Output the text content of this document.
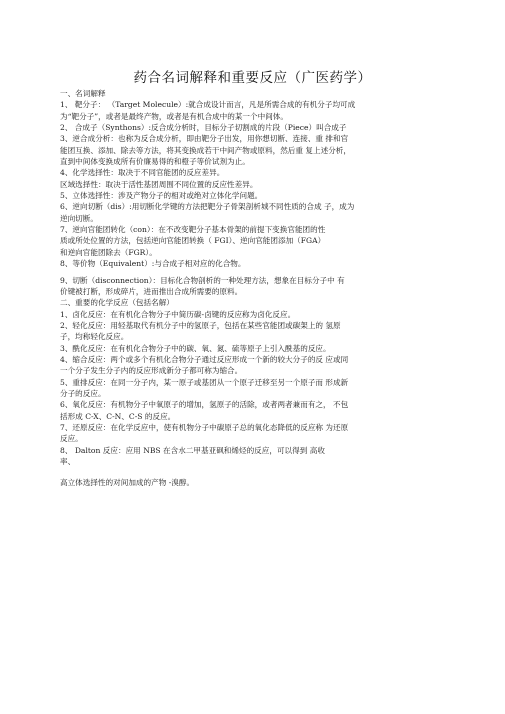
药合名词解释和重要反应（广医药学）

一、名词解释

1、 靶分子： （Target Molecule）:就合成设计而言，凡是所需合成的有机分子均可成

为“靶分子”，或者是最终产物，或者是有机合成中的某一个中间体。

2、 合成子（Synthons）:反合成分析时，目标分子切割成的片段（Piece）叫合成子

3、逆合成分析：也称为反合成分析，即由靶分子出发，用你想切断、连接、重 排和官

能团互换、添加、除去等方法，将其变换成若干中间产物或原料，然后重 复上述分析，

直到中间体变换成所有价廉易得的和橙子等价试剂为止。

4、化学选择性：取决于不同官能团的反应差异。

区域选择性：取决于活性基团周围不同位置的反应性差异。

5、立体选择性：涉及产物分子的相对或绝对立体化学问题。

6、逆向切断（dis）:用切断化学键的方法把靶分子骨架剖析城不同性质的合成 子，成为

逆向切断。

7、逆向官能团转化（con）：在不改变靶分子基本骨架的前提下变换官能团的性

质或所处位置的方法，包括逆向官能团转换（ FGI）、逆向官能团添加（FGA）

和逆向官能团除去（FGR）。

8、等价物（Equivalent）:与合成子相对应的化合物。

9、切断（disconnection）：目标化合物剖析的一种处理方法，想象在目标分子中 有

价键被打断，形成碎片，进而推出合成所需要的原料。

二、重要的化学反应（包括名解）

1、卤化反应：在有机化合物分子中简历碳-卤键的反应称为卤化反应。

2、轻化反应：用轻基取代有机分子中的氢原子，包括在某些官能团或碳架上的 氢原

子，均称轻化反应。

3、酰化反应：在有机化合物分子中的碳、氧、氮、硫等原子上引入酰基的反应。

4、缩合反应：两个或多个有机化合物分子通过反应形成一个新的较大分子的反 应或同

一个分子发生分子内的反应形成新分子都可称为缩合。

5、重排反应：在同一分子内，某一原子或基团从一个原子迁移至另一个原子而 形成新

分子的反应。

6、氧化反应：有机物分子中氧原子的增加，氢原子的活除，或者两者兼而有之， 不包

括形成 C-X、C-N、C-S 的反应。

7、还原反应：在化学反应中，使有机物分子中碳原子总的氧化态降低的反应称 为还原

反应。

8、 Dalton 反应：应用 NBS 在含水二甲基亚砜和烯烃的反应，可以得到 高收

率、

高立体选择性的对间加成的产物 -溴醇。
